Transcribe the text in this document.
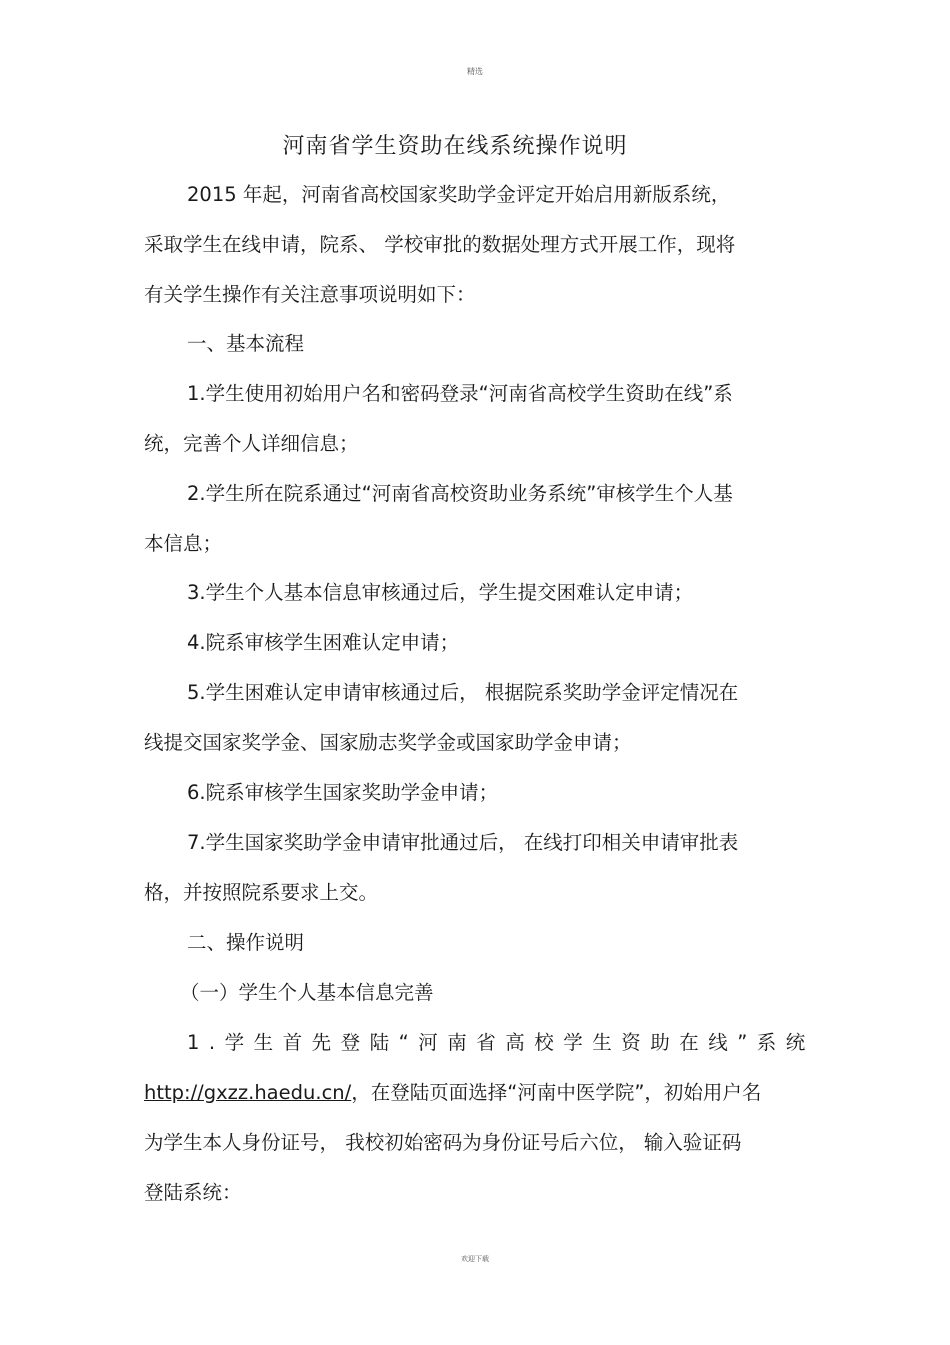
精选
河南省学生资助在线系统操作说明
2015 年起，河南省高校国家奖助学金评定开始启用新版系统，
采取学生在线申请，院系、 学校审批的数据处理方式开展工作，现将
有关学生操作有关注意事项说明如下：
一、基本流程
1.学生使用初始用户名和密码登录“河南省高校学生资助在线”系
统，完善个人详细信息；
2.学生所在院系通过“河南省高校资助业务系统”审核学生个人基
本信息；
3.学生个人基本信息审核通过后，学生提交困难认定申请；
4.院系审核学生困难认定申请；
5.学生困难认定申请审核通过后， 根据院系奖助学金评定情况在
线提交国家奖学金、国家励志奖学金或国家助学金申请；
6.院系审核学生国家奖助学金申请；
7.学生国家奖助学金申请审批通过后， 在线打印相关申请审批表
格，并按照院系要求上交。
二、操作说明
（一）学生个人基本信息完善
1.学生首先登陆“河南省高校学生资助在线”系统
http://gxzz.haedu.cn/，在登陆页面选择“河南中医学院”，初始用户名
为学生本人身份证号， 我校初始密码为身份证号后六位， 输入验证码
登陆系统：
欢迎下载
